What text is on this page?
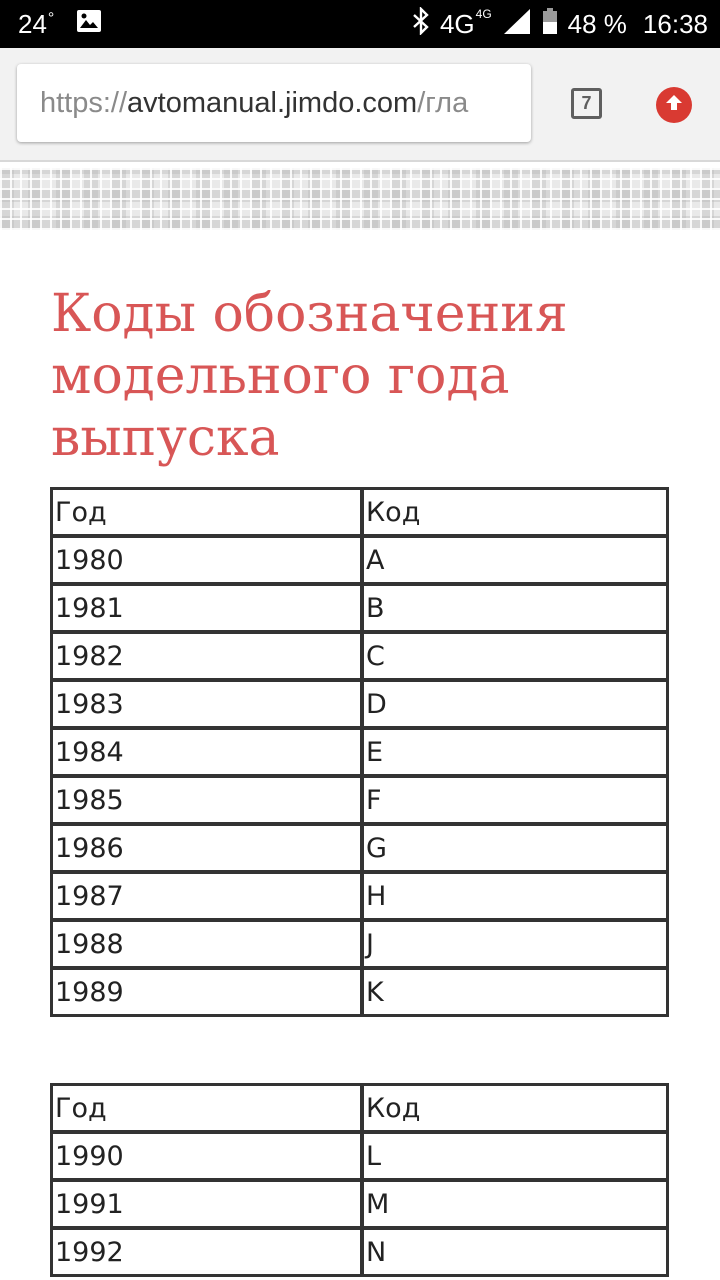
24°	4G 4G	48 % 16:38
https:// avtomanual.jimdo.com /гла	7
Коды обозначения модельного года выпуска
Год	Код
1980	A
1981	B
1982	C
1983	D
1984	E
1985	F
1986	G
1987	H
1988	J
1989	K
Год	Код
1990	L
1991	M
1992	N
